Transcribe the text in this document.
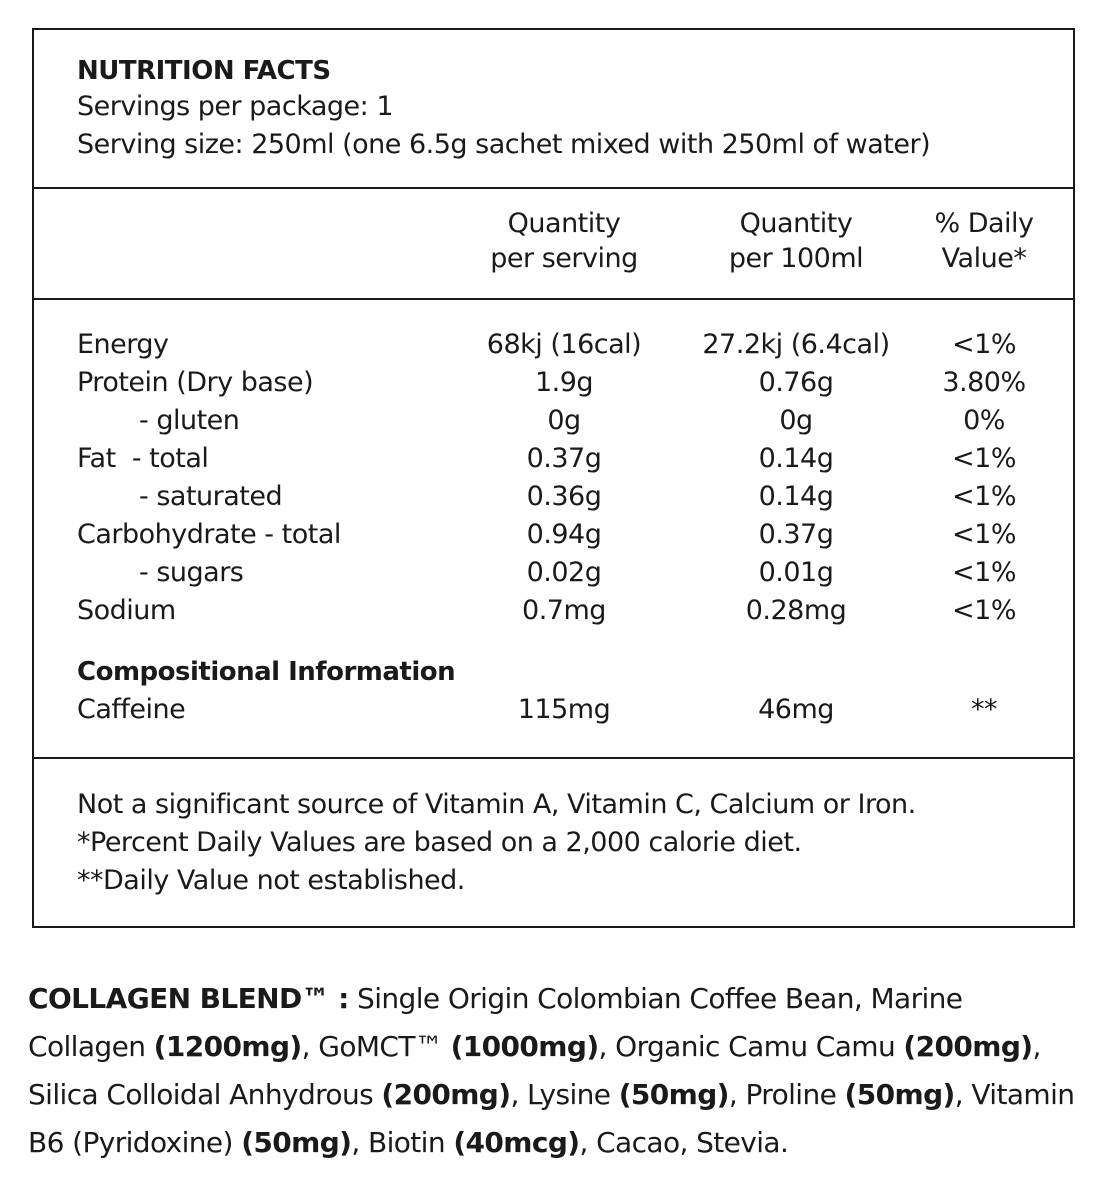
NUTRITION FACTS
Servings per package: 1
Serving size: 250ml (one 6.5g sachet mixed with 250ml of water)
Quantity
per serving
Quantity
per 100ml
% Daily
Value*
Energy	68kj (16cal)	27.2kj (6.4cal)	<1%
Protein (Dry base)	1.9g	0.76g	3.80%
- gluten	0g	0g	0%
Fat  - total	0.37g	0.14g	<1%
- saturated	0.36g	0.14g	<1%
Carbohydrate - total	0.94g	0.37g	<1%
- sugars	0.02g	0.01g	<1%
Sodium	0.7mg	0.28mg	<1%
Compositional Information
Caffeine	115mg	46mg	**
Not a significant source of Vitamin A, Vitamin C, Calcium or Iron.
*Percent Daily Values are based on a 2,000 calorie diet.
**Daily Value not established.
COLLAGEN BLEND™ : Single Origin Colombian Coffee Bean, Marine Collagen (1200mg), GoMCT™ (1000mg), Organic Camu Camu (200mg), Silica Colloidal Anhydrous (200mg), Lysine (50mg), Proline (50mg), Vitamin B6 (Pyridoxine) (50mg), Biotin (40mcg), Cacao, Stevia.
